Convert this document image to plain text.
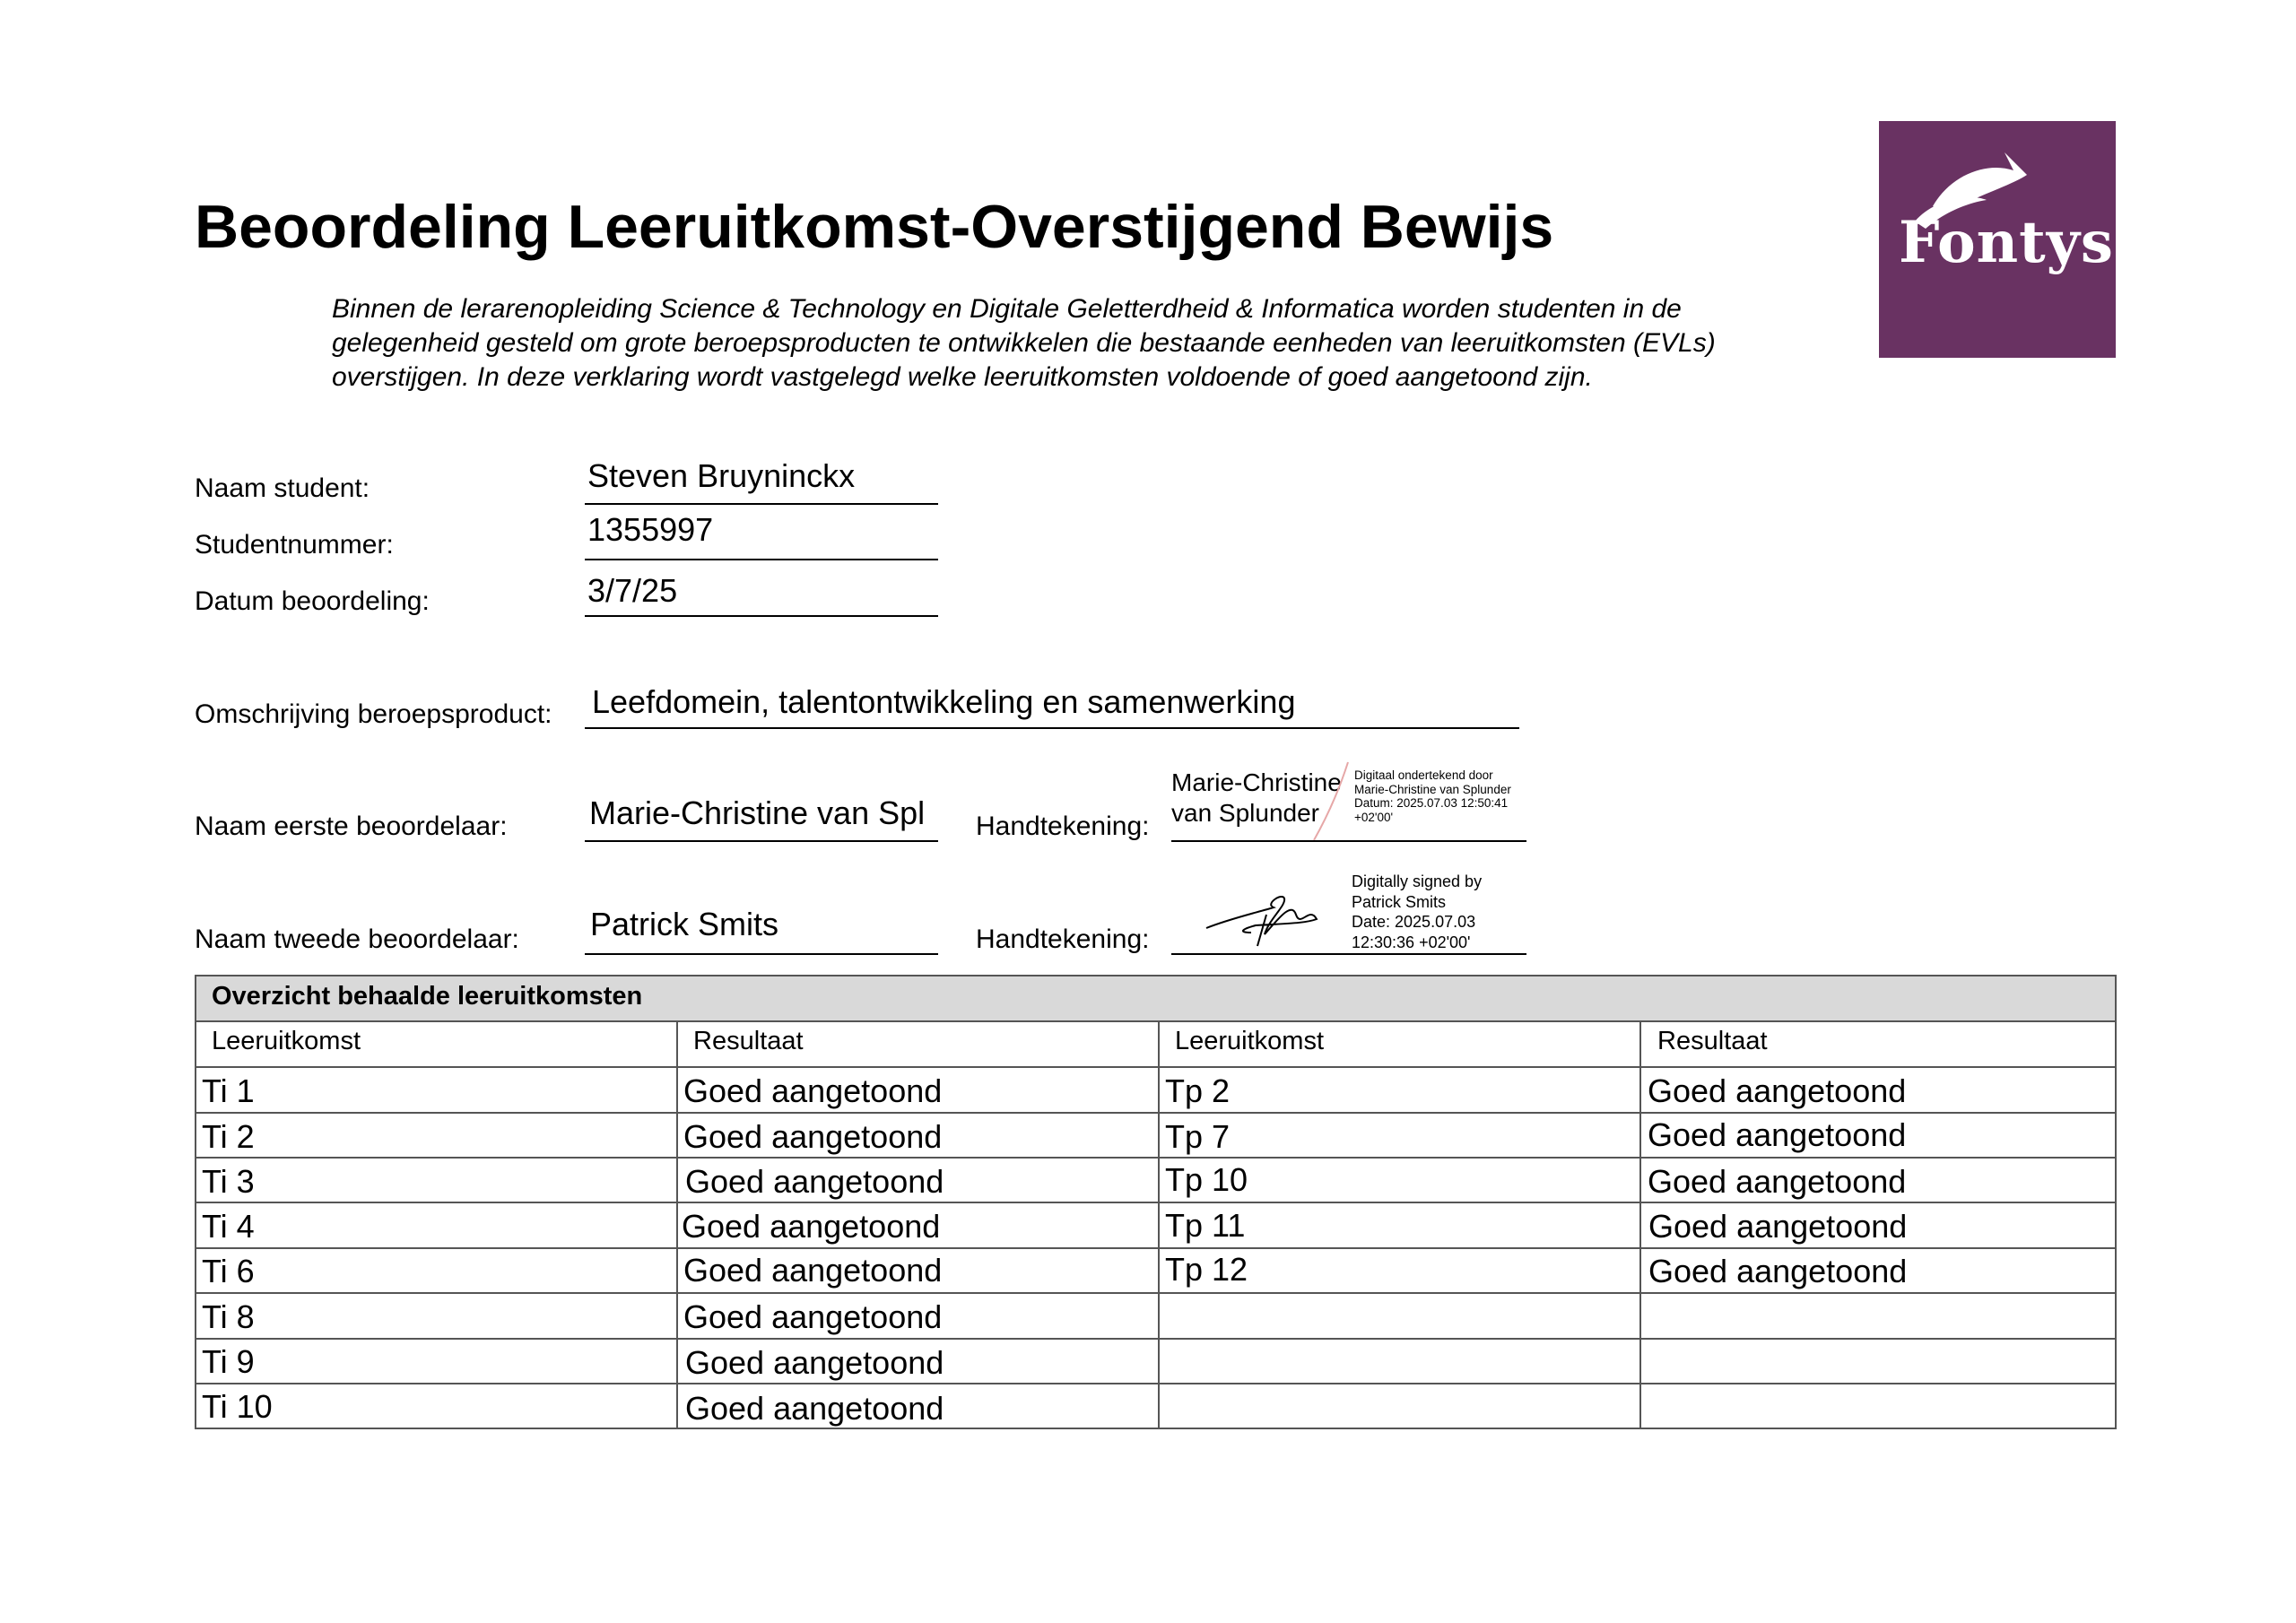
Beoordeling Leeruitkomst-Overstijgend Bewijs	Fontys
Binnen de lerarenopleiding Science & Technology en Digitale Geletterdheid & Informatica worden studenten in de
gelegenheid gesteld om grote beroepsproducten te ontwikkelen die bestaande eenheden van leeruitkomsten (EVLs)
overstijgen. In deze verklaring wordt vastgelegd welke leeruitkomsten voldoende of goed aangetoond zijn.
Naam student:	Steven Bruyninckx
Studentnummer:	1355997
Datum beoordeling:	3/7/25
Omschrijving beroepsproduct: Leefdomein, talentontwikkeling en samenwerking
Naam eerste beoordelaar:	Marie-Christine van Spl	Handtekening:
Marie-Christine
van Splunder
Digitaal ondertekend door
Marie-Christine van Splunder
Datum: 2025.07.03 12:50:41
+02'00'
Naam tweede beoordelaar: Patrick Smits	Handtekening:
Digitally signed by
Patrick Smits
Date: 2025.07.03
12:30:36 +02'00'
Overzicht behaalde leeruitkomsten
Leeruitkomst	Resultaat	Leeruitkomst	Resultaat
Ti 1	Goed aangetoond	Tp 2	Goed aangetoond
Ti 2	Goed aangetoond	Tp 7	Goed aangetoond
Ti 3	Goed aangetoond	Tp 10	Goed aangetoond
Ti 4	Goed aangetoond	Tp 11	Goed aangetoond
Ti 6	Goed aangetoond	Tp 12	Goed aangetoond
Ti 8	Goed aangetoond
Ti 9	Goed aangetoond
Ti 10	Goed aangetoond
